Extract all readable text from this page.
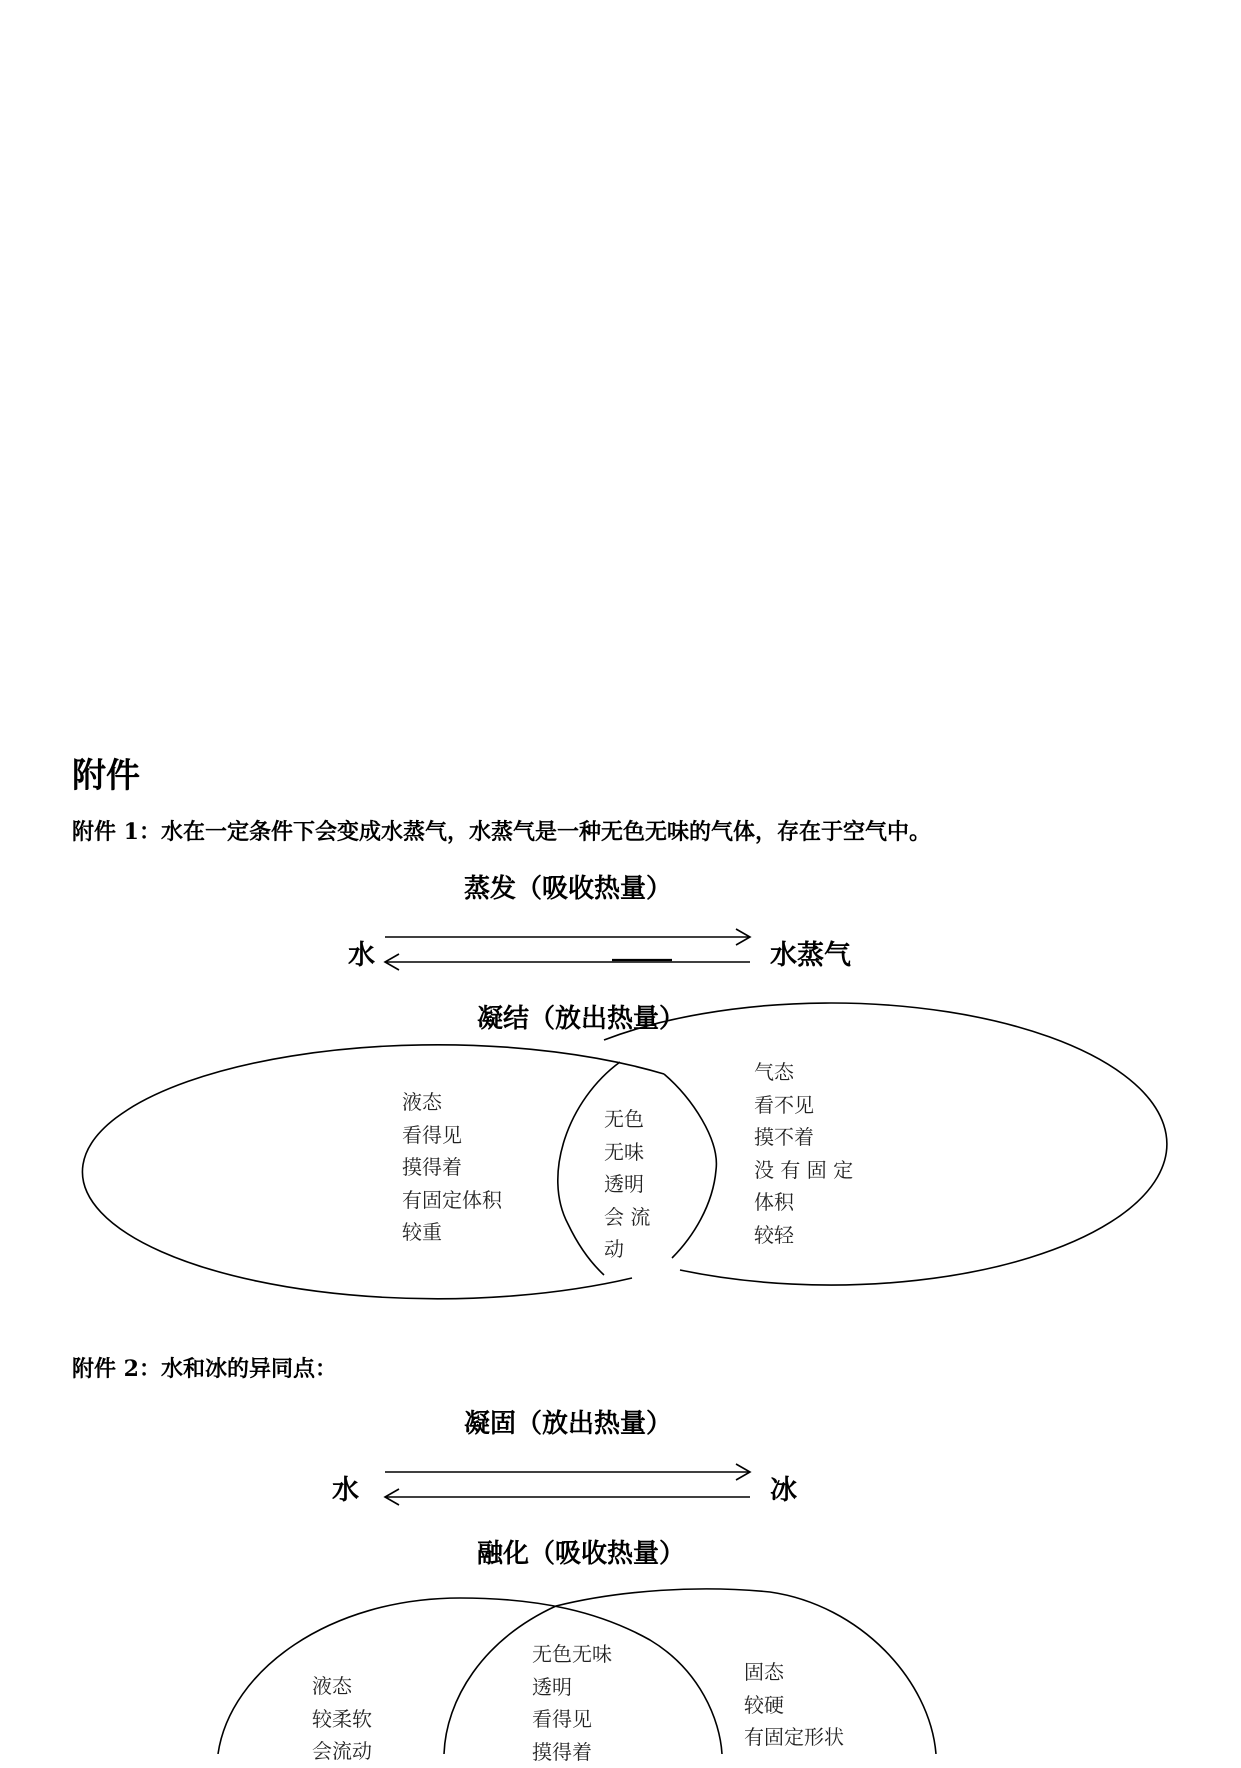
附件
附件 1：水在一定条件下会变成水蒸气，水蒸气是一种无色无味的气体，存在于空气中。
蒸发（吸收热量）
水	水蒸气
凝结（放出热量）
液态
看得见
摸得着
有固定体积
较重
无色
无味
透明
会 流
动
气态
看不见
摸不着
没 有 固 定
体积
较轻
附件 2：水和冰的异同点：
凝固（放出热量）
水	冰
融化（吸收热量）
液态
较柔软
会流动
无色无味
透明
看得见
摸得着
固态
较硬
有固定形状
